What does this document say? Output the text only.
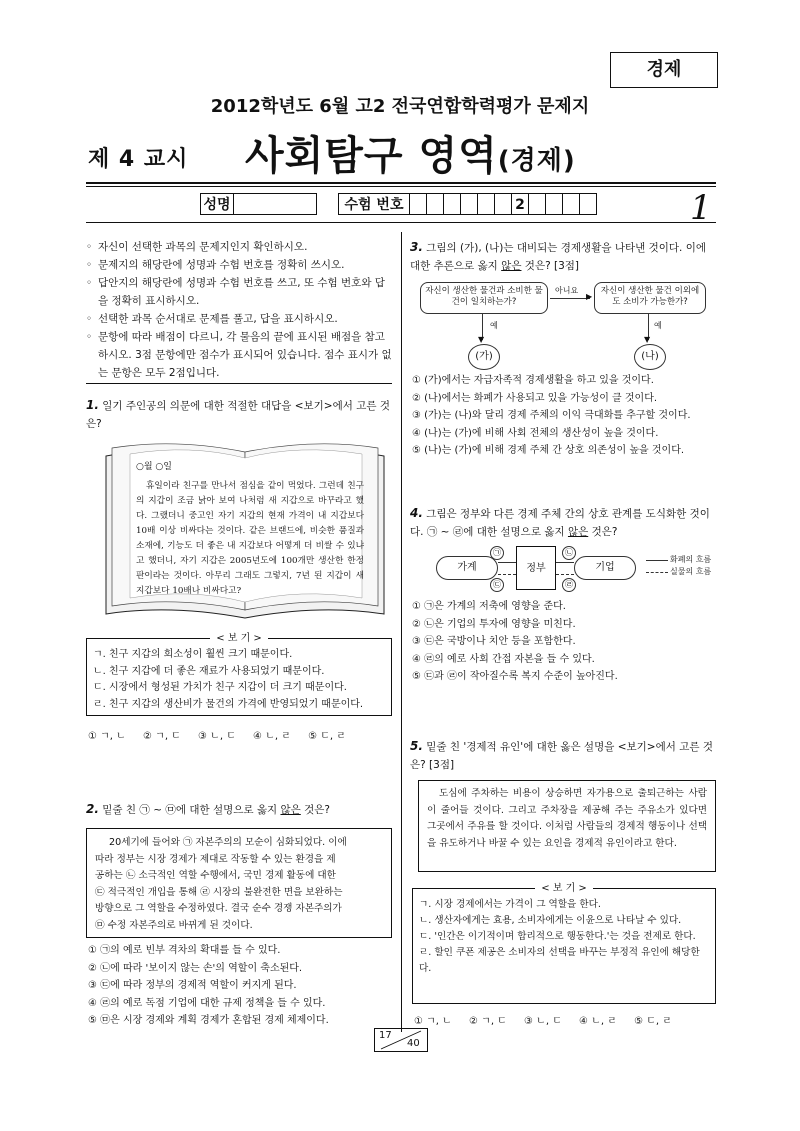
경제
2012학년도 6월 고2 전국연합학력평가 문제지
제 4 교시 사회탐구 영역(경제)
성명	수험 번호	2	1
◦ 자신이 선택한 과목의 문제지인지 확인하시오.
◦ 문제지의 해당란에 성명과 수험 번호를 정확히 쓰시오.
◦ 답안지의 해당란에 성명과 수험 번호를 쓰고, 또 수험 번호와 답을 정확히 표시하시오.
◦ 선택한 과목 순서대로 문제를 풀고, 답을 표시하시오.
◦ 문항에 따라 배점이 다르니, 각 물음의 끝에 표시된 배점을 참고하시오. 3점 문항에만 점수가 표시되어 있습니다. 점수 표시가 없는 문항은 모두 2점입니다.
1. 일기 주인공의 의문에 대한 적절한 대답을 <보기>에서 고른 것은?
○월 ○일
휴일이라 친구를 만나서 점심을 같이 먹었다. 그런데 친구의 지갑이 조금 낡아 보여 나처럼 새 지갑으로 바꾸라고 했다. 그랬더니 중고인 자기 지갑의 현재 가격이 내 지갑보다 10배 이상 비싸다는 것이다. 같은 브랜드에, 비슷한 품질과 소재에, 기능도 더 좋은 내 지갑보다 어떻게 더 비쌀 수 있냐고 했더니, 자기 지갑은 2005년도에 100개만 생산한 한정판이라는 것이다. 아무리 그래도 그렇지, 7년 된 지갑이 새 지갑보다 10배나 비싸다고?
< 보 기 >
ㄱ. 친구 지갑의 희소성이 훨씬 크기 때문이다.
ㄴ. 친구 지갑에 더 좋은 재료가 사용되었기 때문이다.
ㄷ. 시장에서 형성된 가치가 친구 지갑이 더 크기 때문이다.
ㄹ. 친구 지갑의 생산비가 물건의 가격에 반영되었기 때문이다.
① ㄱ, ㄴ ② ㄱ, ㄷ ③ ㄴ, ㄷ ④ ㄴ, ㄹ ⑤ ㄷ, ㄹ
2. 밑줄 친 ㉠ ~ ㉤에 대한 설명으로 옳지 않은 것은?
20세기에 들어와 ㉠ 자본주의의 모순이 심화되었다. 이에
따라 정부는 시장 경제가 제대로 작동할 수 있는 환경을 제
공하는 ㉡ 소극적인 역할 수행에서, 국민 경제 활동에 대한
㉢ 적극적인 개입을 통해 ㉣ 시장의 불완전한 면을 보완하는
방향으로 그 역할을 수정하였다. 결국 순수 경쟁 자본주의가
㉤ 수정 자본주의로 바뀌게 된 것이다.
① ㉠의 예로 빈부 격차의 확대를 들 수 있다.
② ㉡에 따라 '보이지 않는 손'의 역할이 축소된다.
③ ㉢에 따라 정부의 경제적 역할이 커지게 된다.
④ ㉣의 예로 독점 기업에 대한 규제 정책을 들 수 있다.
⑤ ㉤은 시장 경제와 계획 경제가 혼합된 경제 체제이다.
3. 그림의 (가), (나)는 대비되는 경제생활을 나타낸 것이다. 이에 대한 추론으로 옳지 않은 것은? [3점]
자신이 생산한 물건과 소비한 물건이 일치하는가?
아니요
▶
자신이 생산한 물건 이외에도 소비가 가능한가?
▼
예
▼
예
(가)	(나)
① (가)에서는 자급자족적 경제생활을 하고 있을 것이다.
② (나)에서는 화폐가 사용되고 있을 가능성이 클 것이다.
③ (가)는 (나)와 달리 경제 주체의 이익 극대화를 추구할 것이다.
④ (나)는 (가)에 비해 사회 전체의 생산성이 높을 것이다.
⑤ (나)는 (가)에 비해 경제 주체 간 상호 의존성이 높을 것이다.
4. 그림은 정부와 다른 경제 주체 간의 상호 관계를 도식화한 것이다. ㉠ ~ ㉣에 대한 설명으로 옳지 않은 것은?
가계
㉠
㉢
정부
㉡
㉣
기업
화폐의 흐름
실물의 흐름
① ㉠은 가계의 저축에 영향을 준다.
② ㉡은 기업의 투자에 영향을 미친다.
③ ㉢은 국방이나 치안 등을 포함한다.
④ ㉣의 예로 사회 간접 자본을 들 수 있다.
⑤ ㉢과 ㉣이 작아질수록 복지 수준이 높아진다.
5. 밑줄 친 '경제적 유인'에 대한 옳은 설명을 <보기>에서 고른 것은? [3점]
도심에 주차하는 비용이 상승하면 자가용으로 출퇴근하는 사람이 줄어들 것이다. 그리고 주차장을 제공해 주는 주유소가 있다면 그곳에서 주유를 할 것이다. 이처럼 사람들의 경제적 행동이나 선택을 유도하거나 바꿀 수 있는 요인을 경제적 유인이라고 한다.
< 보 기 >
ㄱ. 시장 경제에서는 가격이 그 역할을 한다.
ㄴ. 생산자에게는 효용, 소비자에게는 이윤으로 나타날 수 있다.
ㄷ. '인간은 이기적이며 합리적으로 행동한다.'는 것을 전제로 한다.
ㄹ. 할인 쿠폰 제공은 소비자의 선택을 바꾸는 부정적 유인에 해당한다.
① ㄱ, ㄴ ② ㄱ, ㄷ ③ ㄴ, ㄷ ④ ㄴ, ㄹ ⑤ ㄷ, ㄹ
17
40
